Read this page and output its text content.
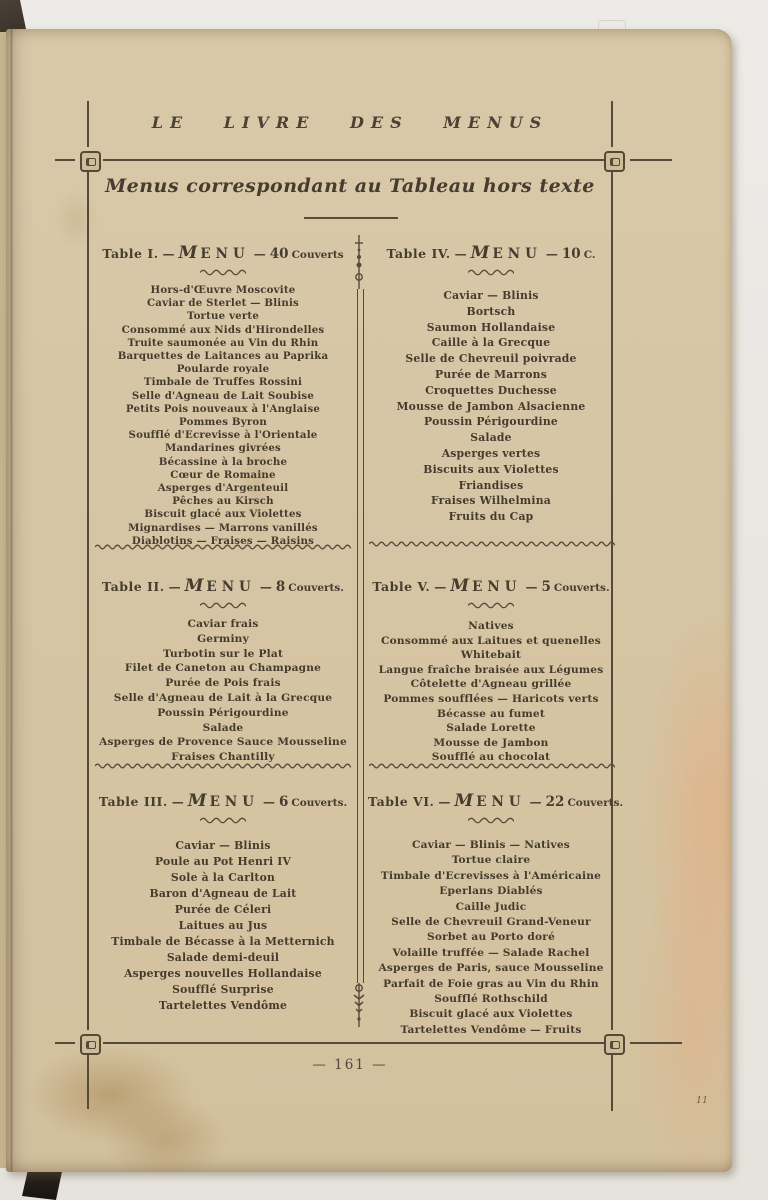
LE LIVRE DES MENUS
Menus correspondant au Tableau hors texte
Table I. — M ENU — 40 Couverts
Hors-d'Œuvre Moscovite
Caviar de Sterlet — Blinis
Tortue verte
Consommé aux Nids d'Hirondelles
Truite saumonée au Vin du Rhin
Barquettes de Laitances au Paprika
Poularde royale
Timbale de Truffes Rossini
Selle d'Agneau de Lait Soubise
Petits Pois nouveaux à l'Anglaise
Pommes Byron
Soufflé d'Ecrevisse à l'Orientale
Mandarines givrées
Bécassine à la broche
Cœur de Romaine
Asperges d'Argenteuil
Pêches au Kirsch
Biscuit glacé aux Violettes
Mignardises — Marrons vanillés
Diablotins — Fraises — Raisins
Table II. — M ENU — 8 Couverts.
Caviar frais
Germiny
Turbotin sur le Plat
Filet de Caneton au Champagne
Purée de Pois frais
Selle d'Agneau de Lait à la Grecque
Poussin Périgourdine
Salade
Asperges de Provence Sauce Mousseline
Fraises Chantilly
Table III. — M ENU — 6 Couverts.
Caviar — Blinis
Poule au Pot Henri IV
Sole à la Carlton
Baron d'Agneau de Lait
Purée de Céleri
Laitues au Jus
Timbale de Bécasse à la Metternich
Salade demi-deuil
Asperges nouvelles Hollandaise
Soufflé Surprise
Tartelettes Vendôme
Table IV. — M ENU — 10 C.
Caviar — Blinis
Bortsch
Saumon Hollandaise
Caille à la Grecque
Selle de Chevreuil poivrade
Purée de Marrons
Croquettes Duchesse
Mousse de Jambon Alsacienne
Poussin Périgourdine
Salade
Asperges vertes
Biscuits aux Violettes
Friandises
Fraises Wilhelmina
Fruits du Cap
Table V. — M ENU — 5 Couverts.
Natives
Consommé aux Laitues et quenelles
Whitebait
Langue fraîche braisée aux Légumes
Côtelette d'Agneau grillée
Pommes soufflées — Haricots verts
Bécasse au fumet
Salade Lorette
Mousse de Jambon
Soufflé au chocolat
Table VI. — M ENU — 22 Couverts.
Caviar — Blinis — Natives
Tortue claire
Timbale d'Ecrevisses à l'Américaine
Eperlans Diablés
Caille Judic
Selle de Chevreuil Grand-Veneur
Sorbet au Porto doré
Volaille truffée — Salade Rachel
Asperges de Paris, sauce Mousseline
Parfait de Foie gras au Vin du Rhin
Soufflé Rothschild
Biscuit glacé aux Violettes
Tartelettes Vendôme — Fruits
— 161 —
11
